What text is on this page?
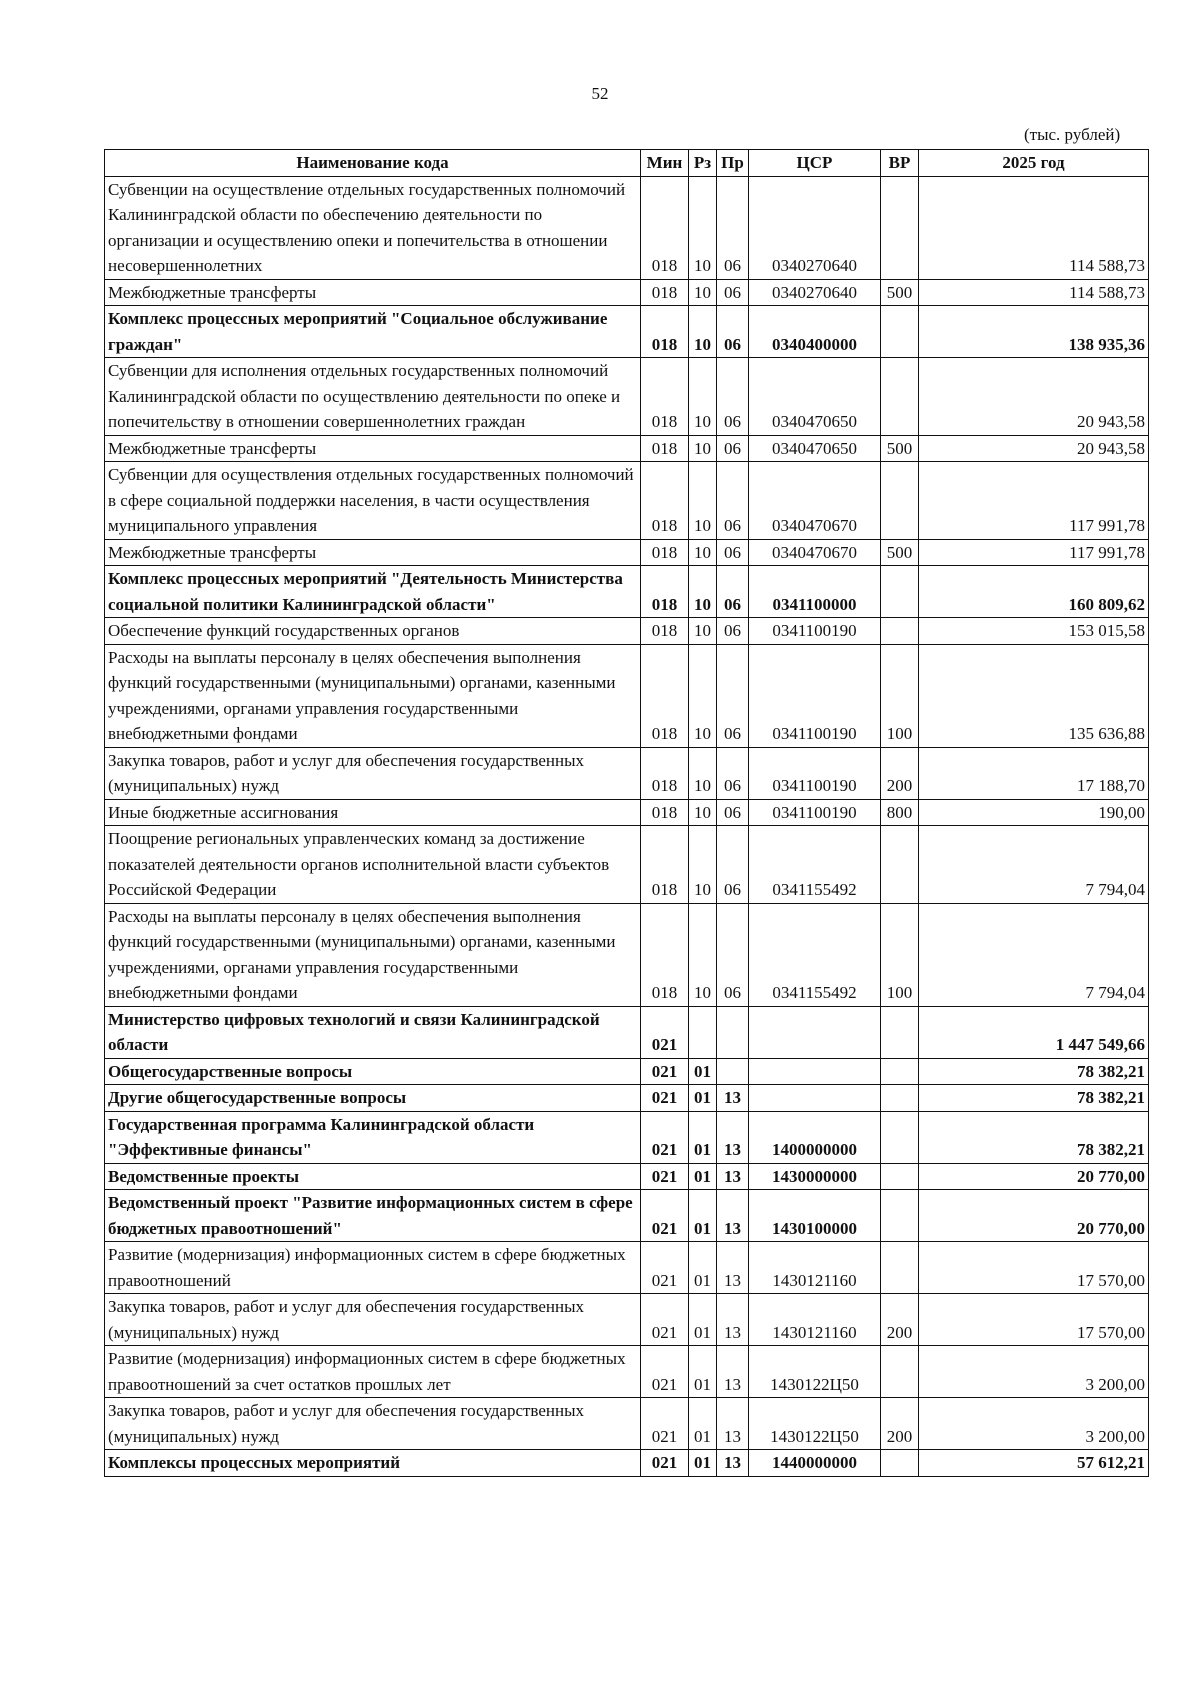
52
(тыс. рублей)
Наименование кода	Мин	Рз	Пр	ЦСР	ВР	2025 год
Субвенции на осуществление отдельных государственных полномочий Калининградской области по обеспечению деятельности по организации и осуществлению опеки и попечительства в отношении несовершеннолетних	018	10	06	0340270640		114 588,73
Межбюджетные трансферты	018	10	06	0340270640	500	114 588,73
Комплекс процессных мероприятий "Социальное обслуживание граждан"	018	10	06	0340400000		138 935,36
Субвенции для исполнения отдельных государственных полномочий Калининградской области по осуществлению деятельности по опеке и попечительству в отношении совершеннолетних граждан	018	10	06	0340470650		20 943,58
Межбюджетные трансферты	018	10	06	0340470650	500	20 943,58
Субвенции для осуществления отдельных государственных полномочий в сфере социальной поддержки населения, в части осуществления муниципального управления	018	10	06	0340470670		117 991,78
Межбюджетные трансферты	018	10	06	0340470670	500	117 991,78
Комплекс процессных мероприятий "Деятельность Министерства социальной политики Калининградской области"	018	10	06	0341100000		160 809,62
Обеспечение функций государственных органов	018	10	06	0341100190		153 015,58
Расходы на выплаты персоналу в целях обеспечения выполнения функций государственными (муниципальными) органами, казенными учреждениями, органами управления государственными внебюджетными фондами	018	10	06	0341100190	100	135 636,88
Закупка товаров, работ и услуг для обеспечения государственных (муниципальных) нужд	018	10	06	0341100190	200	17 188,70
Иные бюджетные ассигнования	018	10	06	0341100190	800	190,00
Поощрение региональных управленческих команд за достижение показателей деятельности органов исполнительной власти субъектов Российской Федерации	018	10	06	0341155492		7 794,04
Расходы на выплаты персоналу в целях обеспечения выполнения функций государственными (муниципальными) органами, казенными учреждениями, органами управления государственными внебюджетными фондами	018	10	06	0341155492	100	7 794,04
Министерство цифровых технологий и связи Калининградской области	021					1 447 549,66
Общегосударственные вопросы	021	01				78 382,21
Другие общегосударственные вопросы	021	01	13			78 382,21
Государственная программа Калининградской области "Эффективные финансы"	021	01	13	1400000000		78 382,21
Ведомственные проекты	021	01	13	1430000000		20 770,00
Ведомственный проект "Развитие информационных систем в сфере бюджетных правоотношений"	021	01	13	1430100000		20 770,00
Развитие (модернизация) информационных систем в сфере бюджетных правоотношений	021	01	13	1430121160		17 570,00
Закупка товаров, работ и услуг для обеспечения государственных (муниципальных) нужд	021	01	13	1430121160	200	17 570,00
Развитие (модернизация) информационных систем в сфере бюджетных правоотношений за счет остатков прошлых лет	021	01	13	1430122Ц50		3 200,00
Закупка товаров, работ и услуг для обеспечения государственных (муниципальных) нужд	021	01	13	1430122Ц50	200	3 200,00
Комплексы процессных мероприятий	021	01	13	1440000000		57 612,21
